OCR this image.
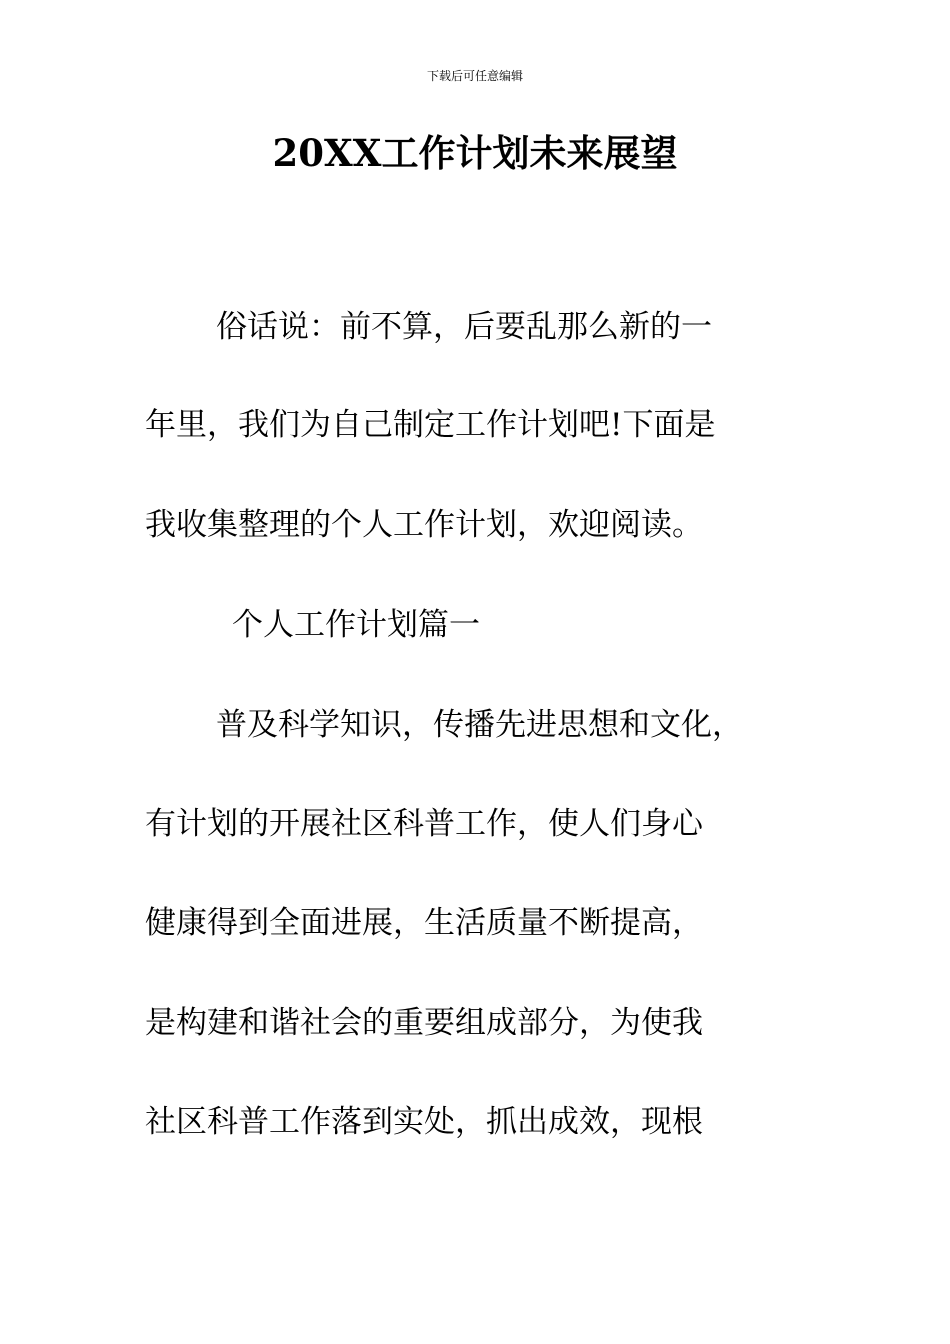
下载后可任意编辑
20XX工作计划未来展望
俗话说：前不算，后要乱那么新的一
年里，我们为自己制定工作计划吧!下面是
我收集整理的个人工作计划，欢迎阅读。
个人工作计划篇一
普及科学知识，传播先进思想和文化，
有计划的开展社区科普工作，使人们身心
健康得到全面进展，生活质量不断提高，
是构建和谐社会的重要组成部分，为使我
社区科普工作落到实处，抓出成效，现根
